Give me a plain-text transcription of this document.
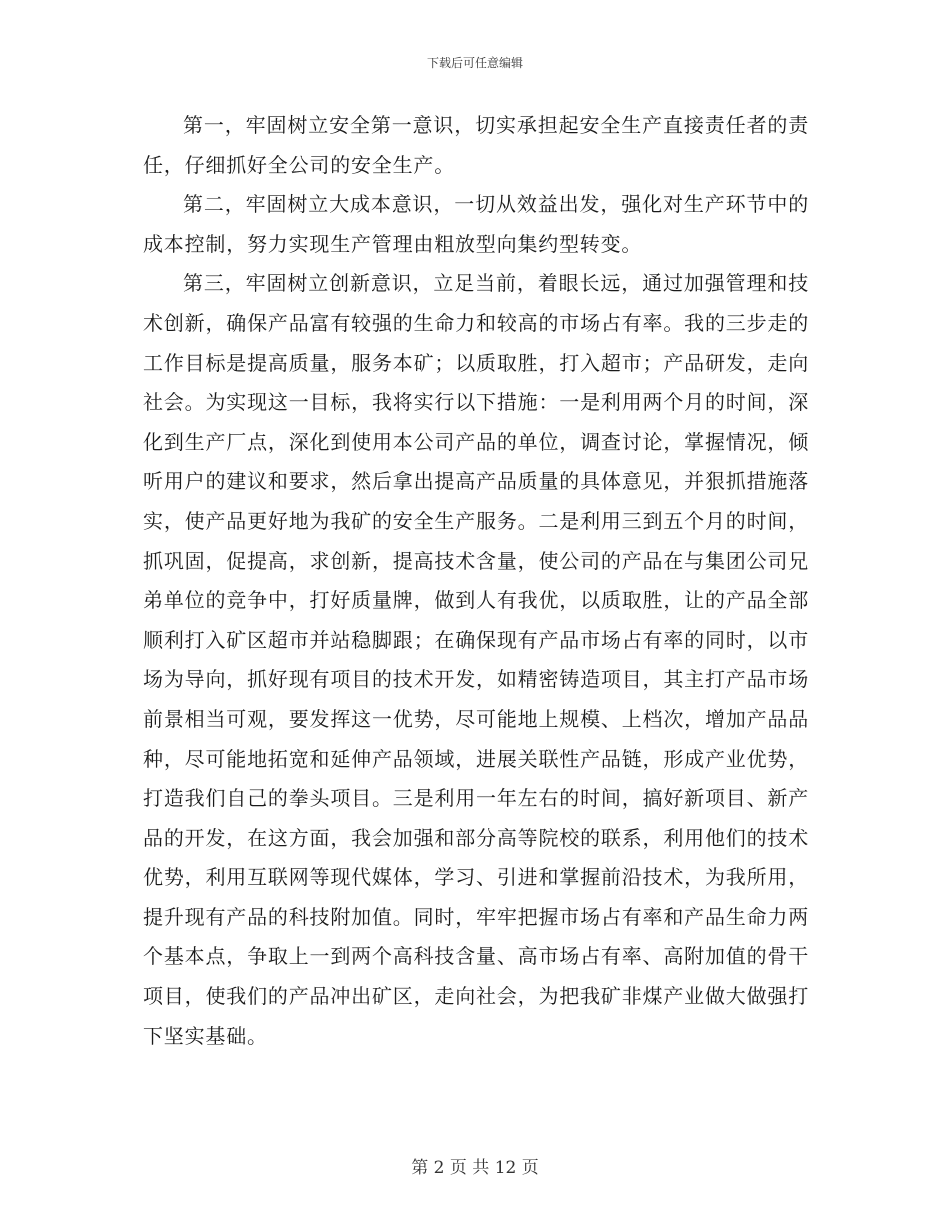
下载后可任意编辑

第一，牢固树立安全第一意识，切实承担起安全生产直接责任者的责任，仔细抓好全公司的安全生产。

第二，牢固树立大成本意识，一切从效益出发，强化对生产环节中的成本控制，努力实现生产管理由粗放型向集约型转变。

第三，牢固树立创新意识，立足当前，着眼长远，通过加强管理和技术创新，确保产品富有较强的生命力和较高的市场占有率。我的三步走的工作目标是提高质量，服务本矿；以质取胜，打入超市；产品研发，走向社会。为实现这一目标，我将实行以下措施：一是利用两个月的时间，深化到生产厂点，深化到使用本公司产品的单位，调查讨论，掌握情况，倾听用户的建议和要求，然后拿出提高产品质量的具体意见，并狠抓措施落实，使产品更好地为我矿的安全生产服务。二是利用三到五个月的时间，抓巩固，促提高，求创新，提高技术含量，使公司的产品在与集团公司兄弟单位的竞争中，打好质量牌，做到人有我优，以质取胜，让的产品全部顺利打入矿区超市并站稳脚跟；在确保现有产品市场占有率的同时，以市场为导向，抓好现有项目的技术开发，如精密铸造项目，其主打产品市场前景相当可观，要发挥这一优势，尽可能地上规模、上档次，增加产品品种，尽可能地拓宽和延伸产品领域，进展关联性产品链，形成产业优势，打造我们自己的拳头项目。三是利用一年左右的时间，搞好新项目、新产品的开发，在这方面，我会加强和部分高等院校的联系，利用他们的技术优势，利用互联网等现代媒体，学习、引进和掌握前沿技术，为我所用，提升现有产品的科技附加值。同时，牢牢把握市场占有率和产品生命力两个基本点，争取上一到两个高科技含量、高市场占有率、高附加值的骨干项目，使我们的产品冲出矿区，走向社会，为把我矿非煤产业做大做强打下坚实基础。

第 2 页 共 12 页
